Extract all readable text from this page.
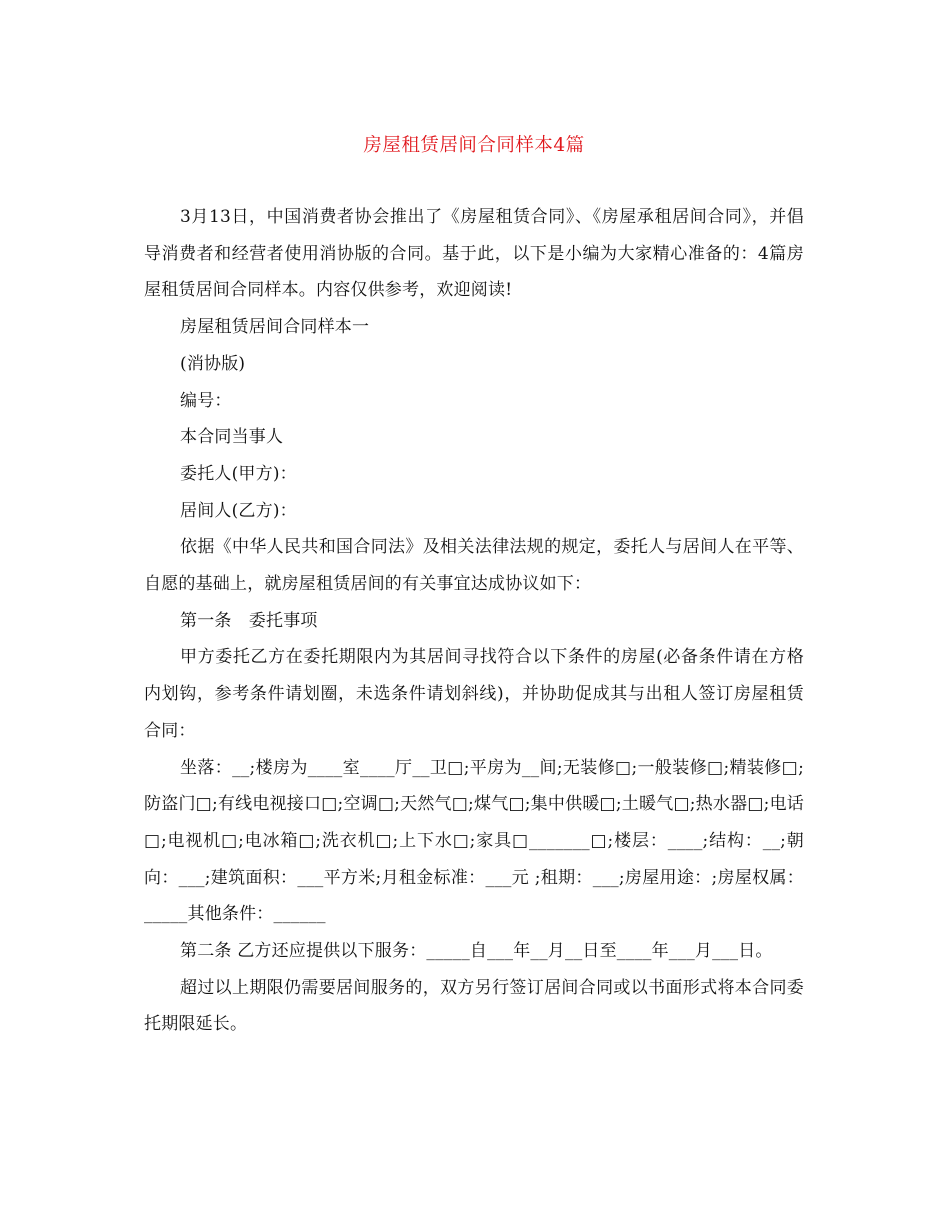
房屋租赁居间合同样本4篇

3月13日，中国消费者协会推出了《房屋租赁合同》、《房屋承租居间合同》，并倡导消费者和经营者使用消协版的合同。基于此，以下是小编为大家精心准备的：4篇房屋租赁居间合同样本。内容仅供参考，欢迎阅读!

房屋租赁居间合同样本一

(消协版)

编号：

本合同当事人

委托人(甲方)：

居间人(乙方)：

依据《中华人民共和国合同法》及相关法律法规的规定，委托人与居间人在平等、自愿的基础上，就房屋租赁居间的有关事宜达成协议如下：

第一条　委托事项

甲方委托乙方在委托期限内为其居间寻找符合以下条件的房屋(必备条件请在方格内划钩，参考条件请划圈，未选条件请划斜线)，并协助促成其与出租人签订房屋租赁合同：

坐落：__;楼房为____室____厅__卫□;平房为__间;无装修□;一般装修□;精装修□;防盗门□;有线电视接口□;空调□;天然气□;煤气□;集中供暖□;土暖气□;热水器□;电话□;电视机□;电冰箱□;洗衣机□;上下水□;家具□_______□;楼层：____;结构：__;朝向：___;建筑面积：___平方米;月租金标准：___元 ;租期：___;房屋用途：;房屋权属：_____其他条件：______

第二条 乙方还应提供以下服务：_____自___年__月__日至____年___月___日。

超过以上期限仍需要居间服务的，双方另行签订居间合同或以书面形式将本合同委托期限延长。
